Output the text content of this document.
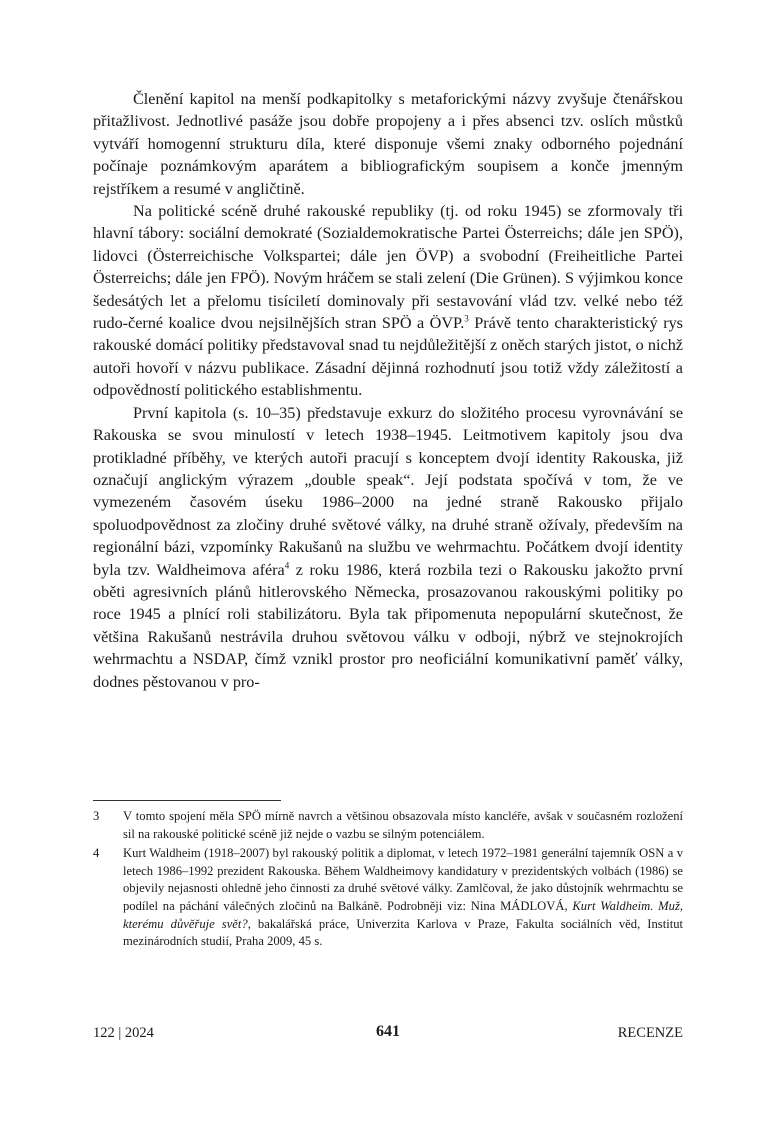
Členění kapitol na menší podkapitolky s metaforickými názvy zvyšuje čtenářskou přitažlivost. Jednotlivé pasáže jsou dobře propojeny a i přes absenci tzv. oslích můstků vytváří homogenní strukturu díla, které disponuje všemi znaky odborného pojednání počínaje poznámkovým aparátem a bibliografickým soupisem a konče jmenným rejstříkem a resumé v angličtině.

Na politické scéně druhé rakouské republiky (tj. od roku 1945) se zformovaly tři hlavní tábory: sociální demokraté (Sozialdemokratische Partei Österreichs; dále jen SPÖ), lidovci (Österreichische Volkspartei; dále jen ÖVP) a svobodní (Freiheitliche Partei Österreichs; dále jen FPÖ). Novým hráčem se stali zelení (Die Grünen). S výjimkou konce šedesátých let a přelomu tisíciletí dominovaly při sestavování vlád tzv. velké nebo též rudo-černé koalice dvou nejsilnějších stran SPÖ a ÖVP.$^3$ Právě tento charakteristický rys rakouské domácí politiky představoval snad tu nejdůležitější z oněch starých jistot, o nichž autoři hovoří v názvu publikace. Zásadní dějinná rozhodnutí jsou totiž vždy záležitostí a odpovědností politického establishmentu.

První kapitola (s. 10–35) představuje exkurz do složitého procesu vyrovnávání se Rakouska se svou minulostí v letech 1938–1945. Leitmotivem kapitoly jsou dva protikladné příběhy, ve kterých autoři pracují s konceptem dvojí identity Rakouska, již označují anglickým výrazem „double speak“. Její podstata spočívá v tom, že ve vymezeném časovém úseku 1986–2000 na jedné straně Rakousko přijalo spoluodpovědnost za zločiny druhé světové války, na druhé straně ožívaly, především na regionální bázi, vzpomínky Rakušanů na službu ve wehrmachtu. Počátkem dvojí identity byla tzv. Waldheimova aféra$^4$ z roku 1986, která rozbila tezi o Rakousku jakožto první oběti agresivních plánů hitlerovského Německa, prosazovanou rakouskými politiky po roce 1945 a plnící roli stabilizátoru. Byla tak připomenuta nepopulární skutečnost, že většina Rakušanů nestrávila druhou světovou válku v odboji, nýbrž ve stejnokrojích wehrmachtu a NSDAP, čímž vznikl prostor pro neoficiální komunikativní paměť války, dodnes pěstovanou v pro-

3	V tomto spojení měla SPÖ mírně navrch a většinou obsazovala místo kancléře, avšak v současném rozložení sil na rakouské politické scéně již nejde o vazbu se silným potenciálem.
4	Kurt Waldheim (1918–2007) byl rakouský politik a diplomat, v letech 1972–1981 generální tajemník OSN a v letech 1986–1992 prezident Rakouska. Během Waldheimovy kandidatury v prezidentských volbách (1986) se objevily nejasnosti ohledně jeho činnosti za druhé světové války. Zamlčoval, že jako důstojník wehrmachtu se podílel na páchání válečných zločinů na Balkáně. Podrobněji viz: Nina MÁDLOVÁ, Kurt Waldheim. Muž, kterému důvěřuje svět?, bakalářská práce, Univerzita Karlova v Praze, Fakulta sociálních věd, Institut mezinárodních studií, Praha 2009, 45 s.
122 | 2024	641	RECENZE
